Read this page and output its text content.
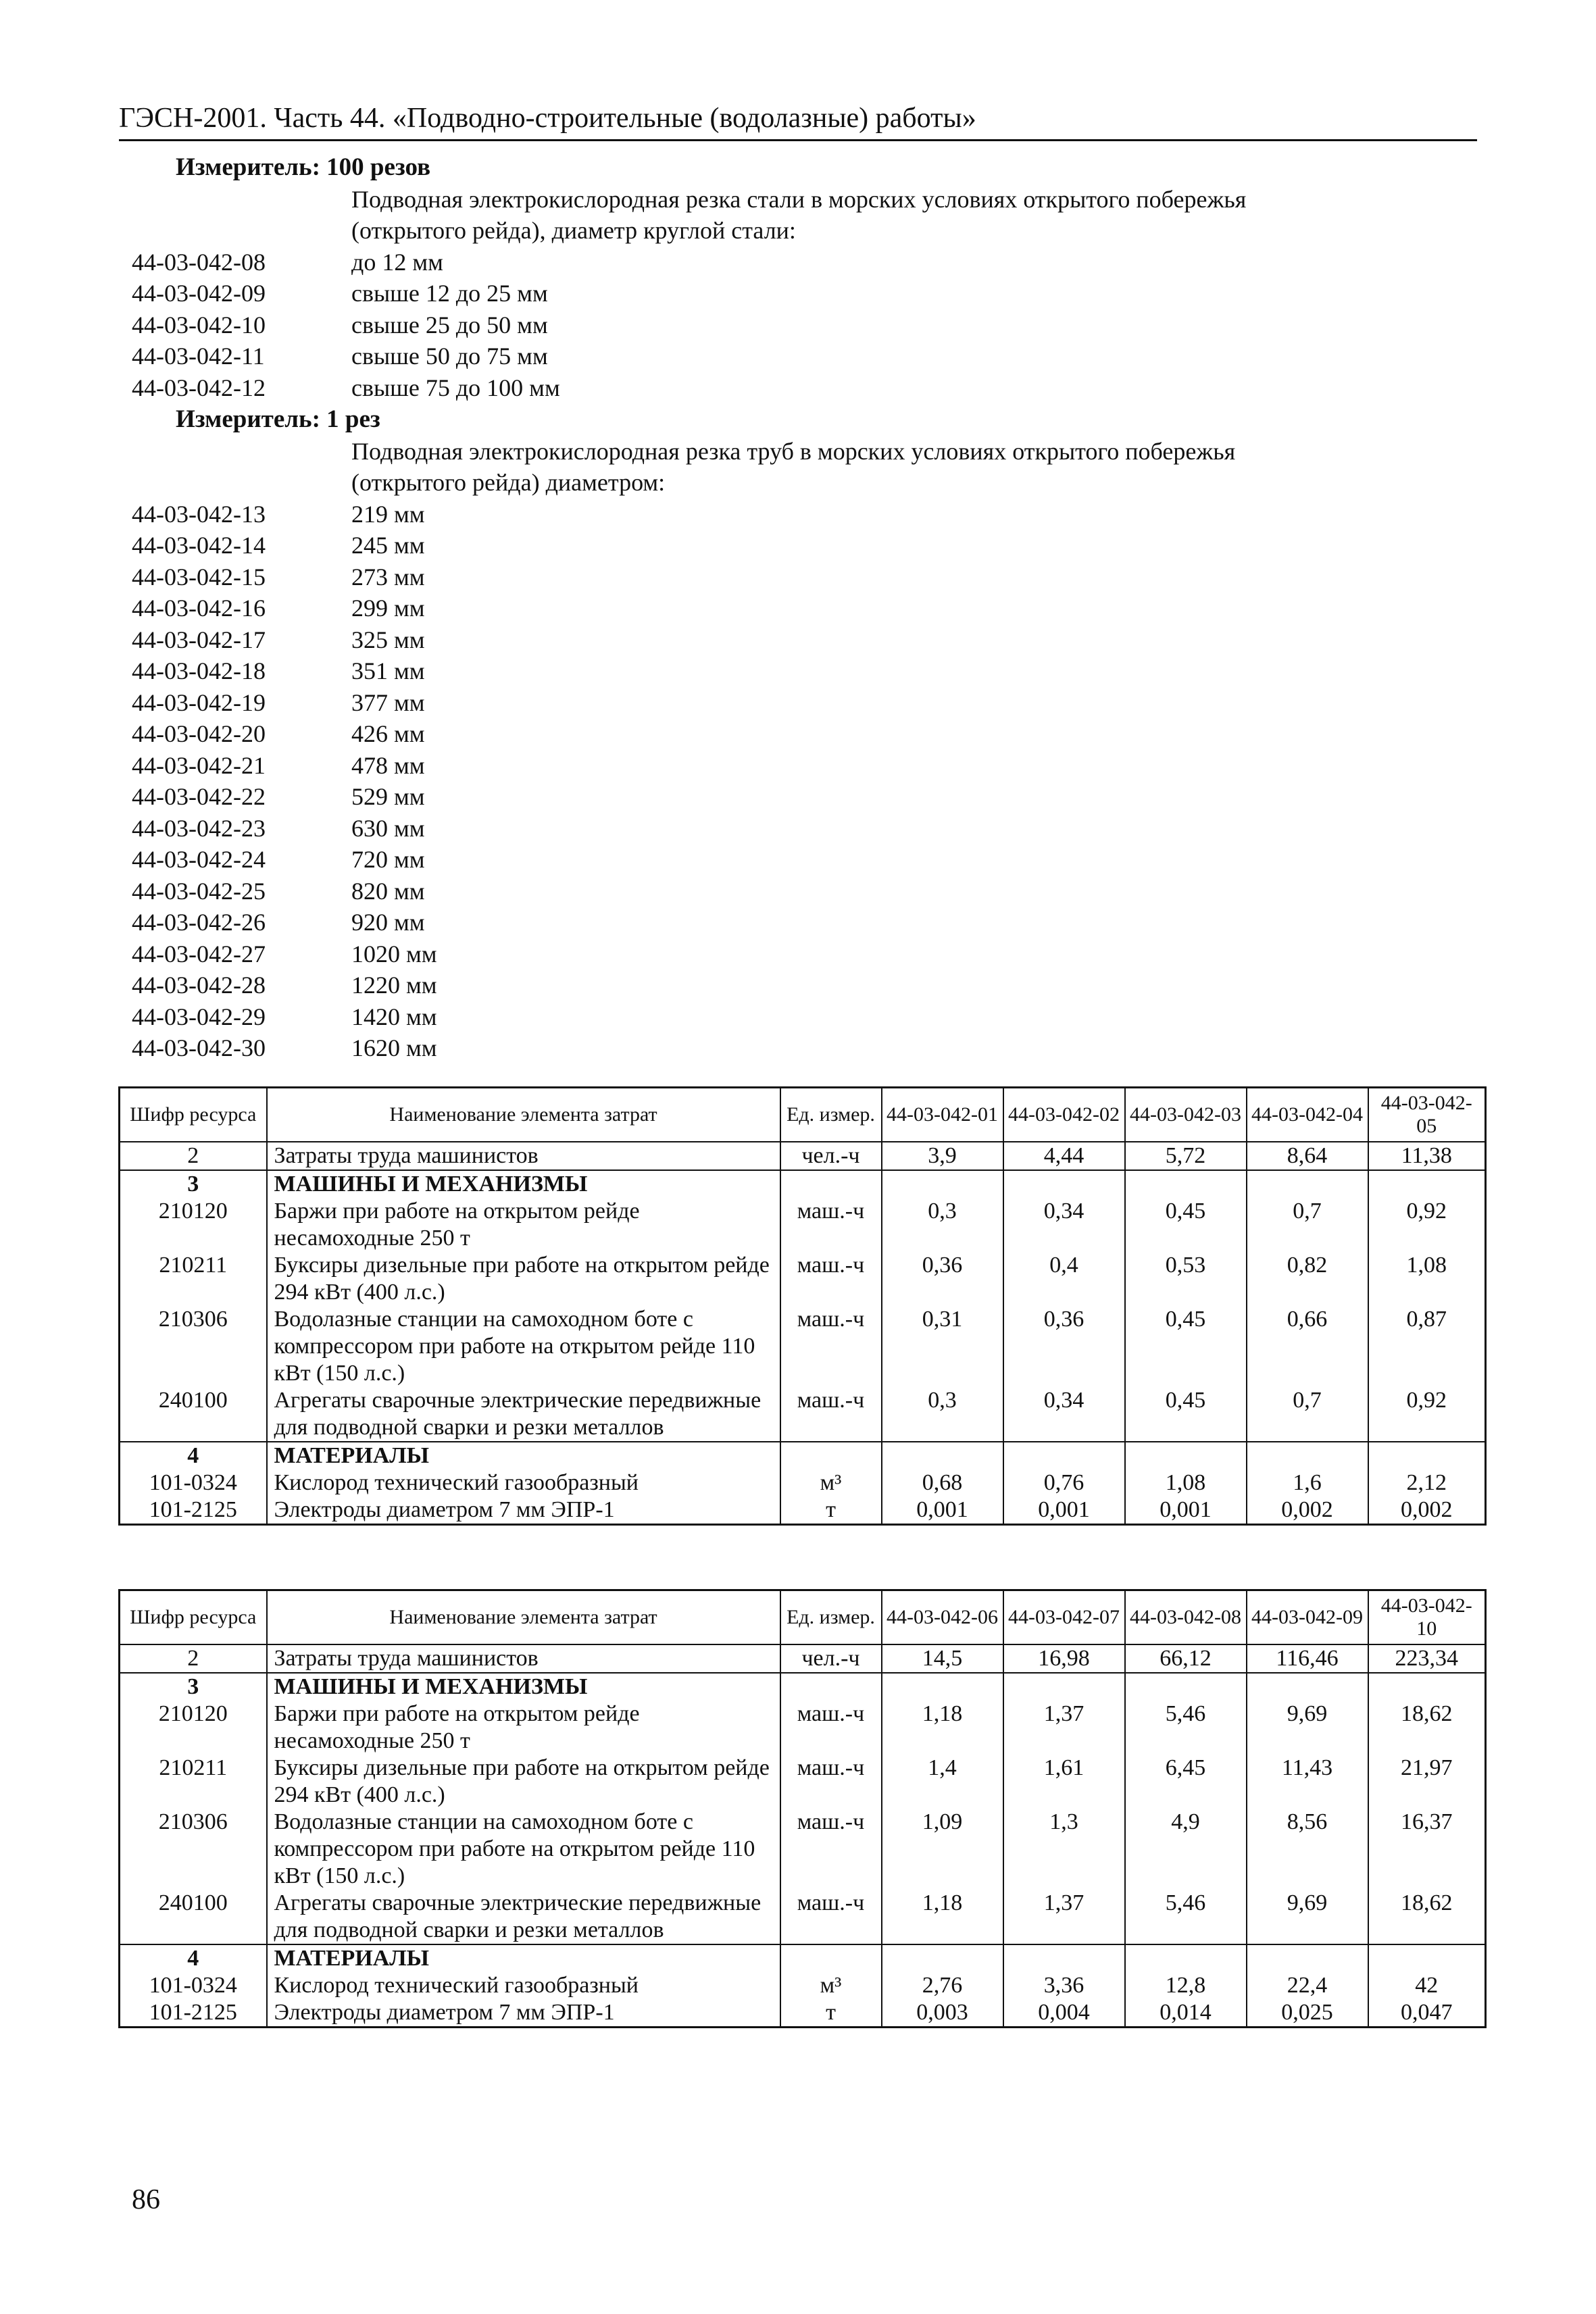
ГЭСН-2001. Часть 44. «Подводно-строительные (водолазные) работы»
Измеритель: 100 резов
Подводная электрокислородная резка стали в морских условиях открытого побережья
(открытого рейда), диаметр круглой стали:
44-03-042-08	до 12 мм
44-03-042-09	свыше 12 до 25 мм
44-03-042-10	свыше 25 до 50 мм
44-03-042-11	свыше 50 до 75 мм
44-03-042-12	свыше 75 до 100 мм
Измеритель: 1 рез
Подводная электрокислородная резка труб в морских условиях открытого побережья
(открытого рейда) диаметром:
44-03-042-13	219 мм
44-03-042-14	245 мм
44-03-042-15	273 мм
44-03-042-16	299 мм
44-03-042-17	325 мм
44-03-042-18	351 мм
44-03-042-19	377 мм
44-03-042-20	426 мм
44-03-042-21	478 мм
44-03-042-22	529 мм
44-03-042-23	630 мм
44-03-042-24	720 мм
44-03-042-25	820 мм
44-03-042-26	920 мм
44-03-042-27	1020 мм
44-03-042-28	1220 мм
44-03-042-29	1420 мм
44-03-042-30	1620 мм
Шифр ресурса	Наименование элемента затрат	Ед. измер.	44-03-042-01	44-03-042-02	44-03-042-03	44-03-042-04	44-03-042-05
2	Затраты труда машинистов	чел.-ч	3,9	4,44	5,72	8,64	11,38
3	МАШИНЫ И МЕХАНИЗМЫ						
210120	Баржи при работе на открытом рейде несамоходные 250 т	маш.-ч	0,3	0,34	0,45	0,7	0,92
210211	Буксиры дизельные при работе на открытом рейде 294 кВт (400 л.с.)	маш.-ч	0,36	0,4	0,53	0,82	1,08
210306	Водолазные станции на самоходном боте с компрессором при работе на открытом рейде 110 кВт (150 л.с.)	маш.-ч	0,31	0,36	0,45	0,66	0,87
240100	Агрегаты сварочные электрические передвижные для подводной сварки и резки металлов	маш.-ч	0,3	0,34	0,45	0,7	0,92
4	МАТЕРИАЛЫ						
101-0324	Кислород технический газообразный	м³	0,68	0,76	1,08	1,6	2,12
101-2125	Электроды диаметром 7 мм ЭПР-1	т	0,001	0,001	0,001	0,002	0,002
Шифр ресурса	Наименование элемента затрат	Ед. измер.	44-03-042-06	44-03-042-07	44-03-042-08	44-03-042-09	44-03-042-10
2	Затраты труда машинистов	чел.-ч	14,5	16,98	66,12	116,46	223,34
3	МАШИНЫ И МЕХАНИЗМЫ						
210120	Баржи при работе на открытом рейде несамоходные 250 т	маш.-ч	1,18	1,37	5,46	9,69	18,62
210211	Буксиры дизельные при работе на открытом рейде 294 кВт (400 л.с.)	маш.-ч	1,4	1,61	6,45	11,43	21,97
210306	Водолазные станции на самоходном боте с компрессором при работе на открытом рейде 110 кВт (150 л.с.)	маш.-ч	1,09	1,3	4,9	8,56	16,37
240100	Агрегаты сварочные электрические передвижные для подводной сварки и резки металлов	маш.-ч	1,18	1,37	5,46	9,69	18,62
4	МАТЕРИАЛЫ						
101-0324	Кислород технический газообразный	м³	2,76	3,36	12,8	22,4	42
101-2125	Электроды диаметром 7 мм ЭПР-1	т	0,003	0,004	0,014	0,025	0,047
86
